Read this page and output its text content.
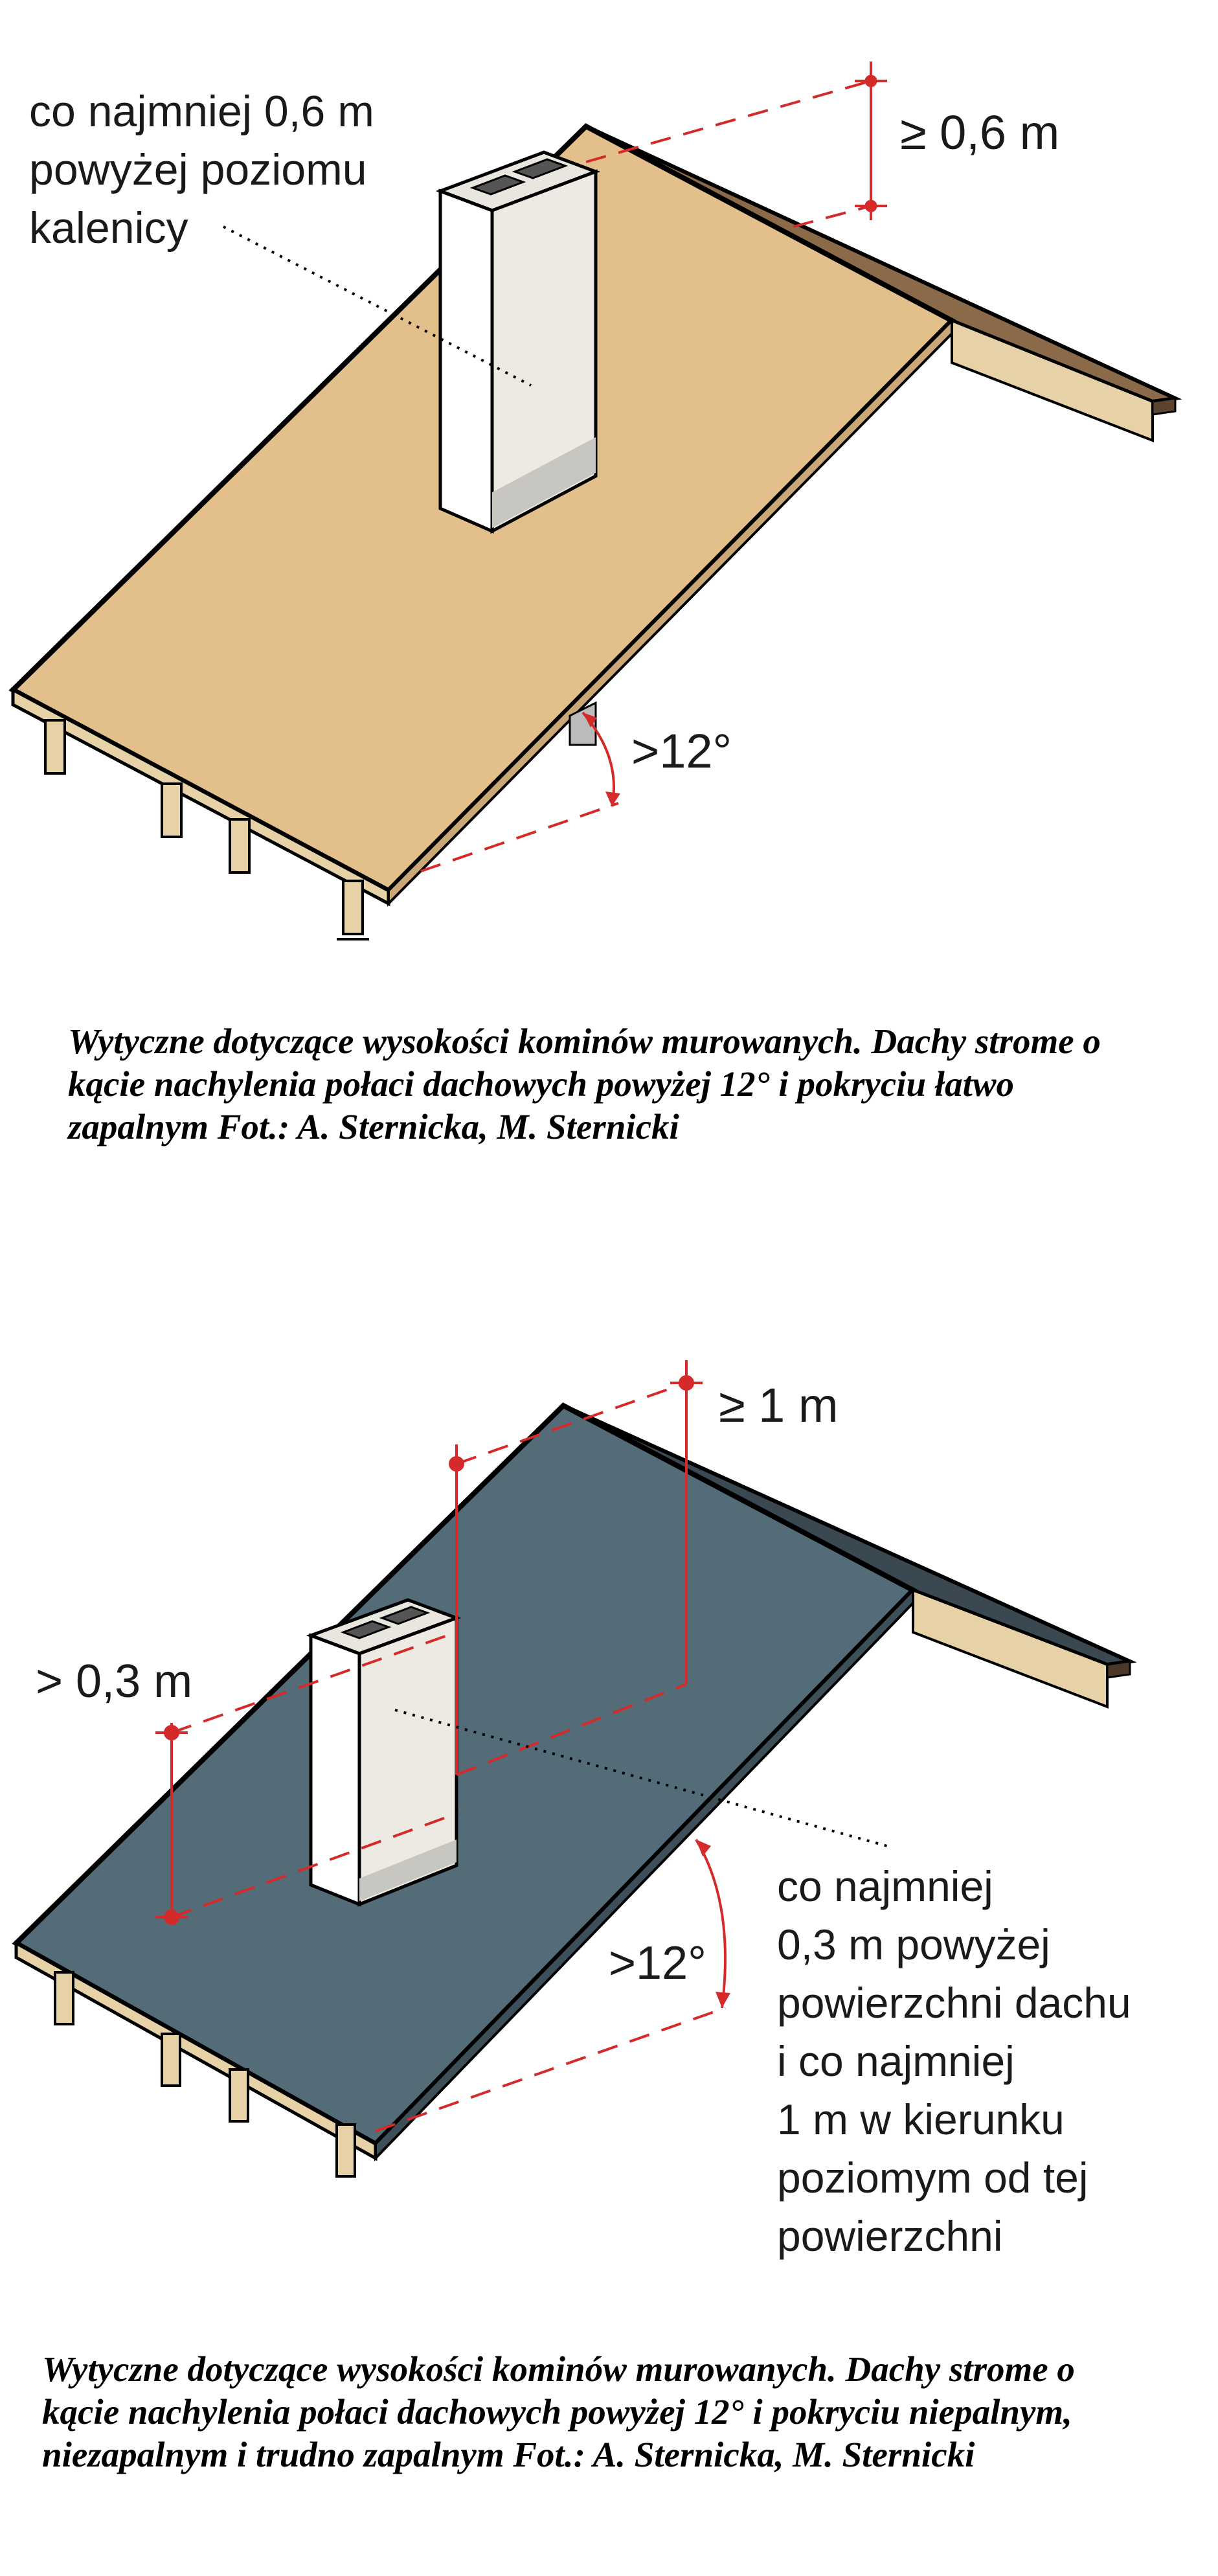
≥ 0,6 m
co najmniej 0,6 m
powyżej poziomu
kalenicy
>12°
Wytyczne dotyczące wysokości kominów murowanych. Dachy strome o kącie nachylenia połaci dachowych powyżej 12° i pokryciu łatwo zapalnym Fot.: A. Sternicka, M. Sternicki
≥ 1 m
> 0,3 m
>12°
co najmniej
0,3 m powyżej
powierzchni dachu
i co najmniej
1 m w kierunku
poziomym od tej
powierzchni
Wytyczne dotyczące wysokości kominów murowanych. Dachy strome o kącie nachylenia połaci dachowych powyżej 12° i pokryciu niepalnym, niezapalnym i trudno zapalnym Fot.: A. Sternicka, M. Sternicki
